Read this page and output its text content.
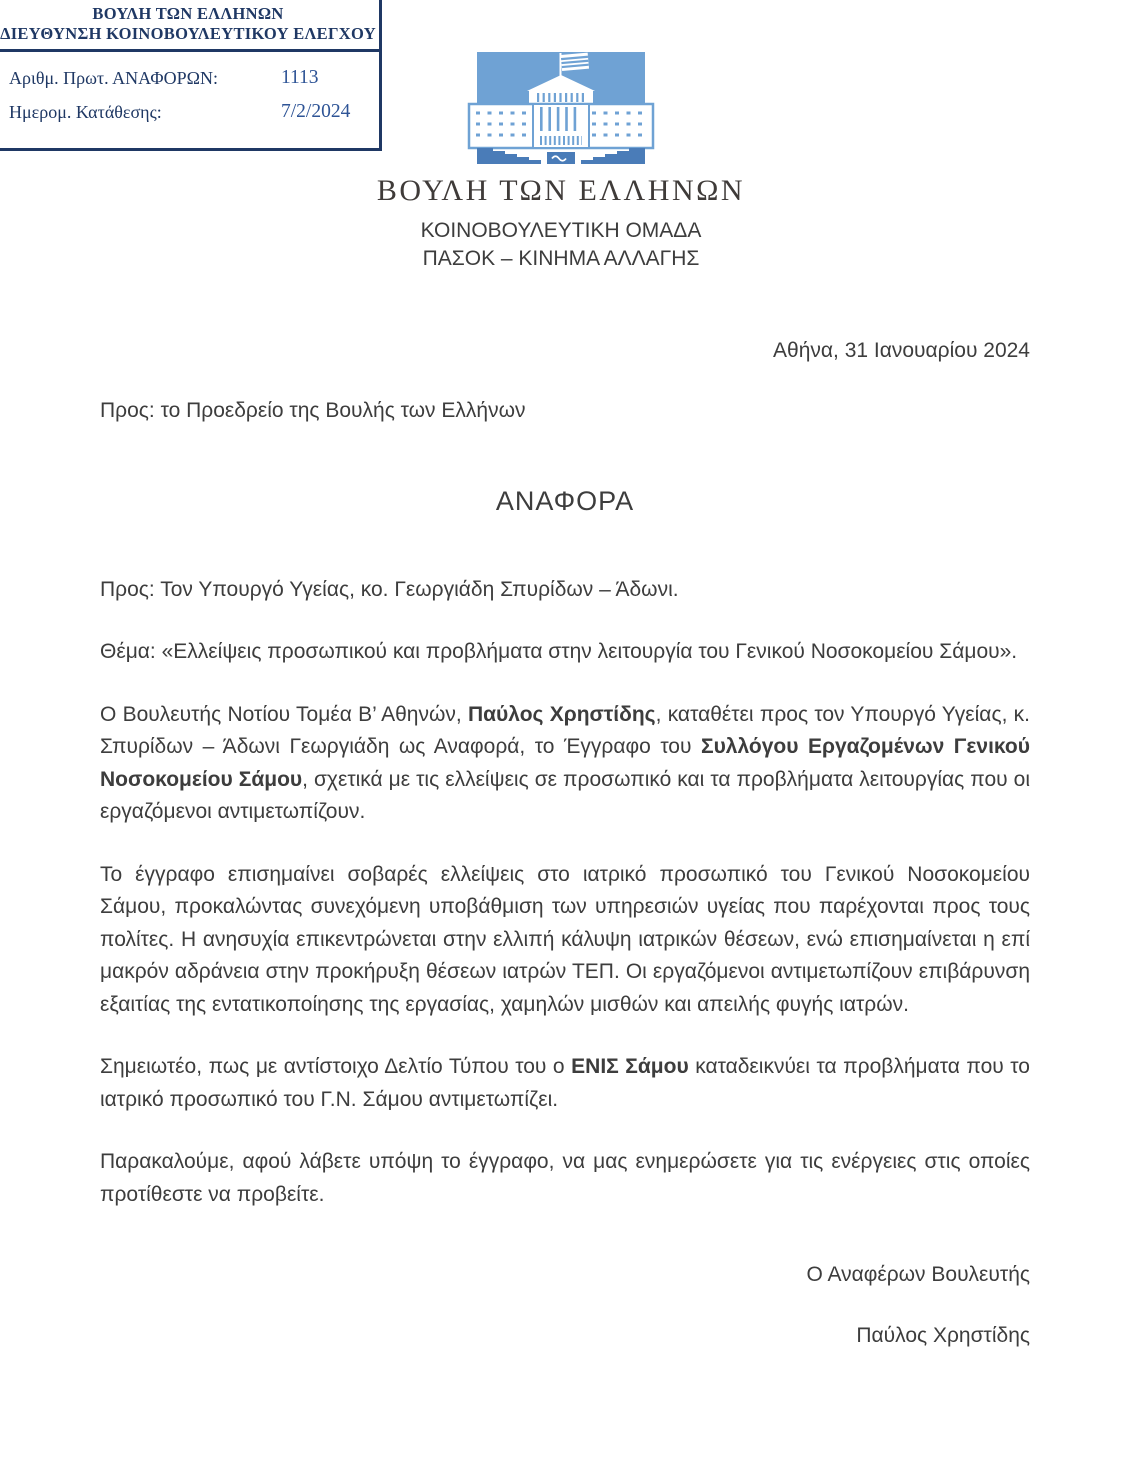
ΒΟΥΛΗ ΤΩΝ ΕΛΛΗΝΩΝ
ΔΙΕΥΘΥΝΣΗ ΚΟΙΝΟΒΟΥΛΕΥΤΙΚΟΥ ΕΛΕΓΧΟΥ
Αριθμ. Πρωτ. ΑΝΑΦΟΡΩΝ:	1113
Ημερομ. Κατάθεσης:	7/2/2024
ΒΟΥΛΗ ΤΩΝ ΕΛΛΗΝΩΝ
ΚΟΙΝΟΒΟΥΛΕΥΤΙΚΗ ΟΜΑΔΑ
ΠΑΣΟΚ – ΚΙΝΗΜΑ ΑΛΛΑΓΗΣ

Αθήνα, 31 Ιανουαρίου 2024

Προς: το Προεδρείο της Βουλής των Ελλήνων

ΑΝΑΦΟΡΑ

Προς: Τον Υπουργό Υγείας, κο. Γεωργιάδη Σπυρίδων – Άδωνι.

Θέμα: «Ελλείψεις προσωπικού και προβλήματα στην λειτουργία του Γενικού Νοσοκομείου Σάμου».

Ο Βουλευτής Νοτίου Τομέα Β’ Αθηνών, Παύλος Χρηστίδης, καταθέτει προς τον Υπουργό Υγείας, κ. Σπυρίδων – Άδωνι Γεωργιάδη ως Αναφορά, το Έγγραφο του Συλλόγου Εργαζομένων Γενικού Νοσοκομείου Σάμου, σχετικά με τις ελλείψεις σε προσωπικό και τα προβλήματα λειτουργίας που οι εργαζόμενοι αντιμετωπίζουν.

Το έγγραφο επισημαίνει σοβαρές ελλείψεις στο ιατρικό προσωπικό του Γενικού Νοσοκομείου Σάμου, προκαλώντας συνεχόμενη υποβάθμιση των υπηρεσιών υγείας που παρέχονται προς τους πολίτες. Η ανησυχία επικεντρώνεται στην ελλιπή κάλυψη ιατρικών θέσεων, ενώ επισημαίνεται η επί μακρόν αδράνεια στην προκήρυξη θέσεων ιατρών ΤΕΠ. Οι εργαζόμενοι αντιμετωπίζουν επιβάρυνση εξαιτίας της εντατικοποίησης της εργασίας, χαμηλών μισθών και απειλής φυγής ιατρών.

Σημειωτέο, πως με αντίστοιχο Δελτίο Τύπου του ο ΕΝΙΣ Σάμου καταδεικνύει τα προβλήματα που το ιατρικό προσωπικό του Γ.Ν. Σάμου αντιμετωπίζει.

Παρακαλούμε, αφού λάβετε υπόψη το έγγραφο, να μας ενημερώσετε για τις ενέργειες στις οποίες προτίθεστε να προβείτε.

Ο Αναφέρων Βουλευτής

Παύλος Χρηστίδης
